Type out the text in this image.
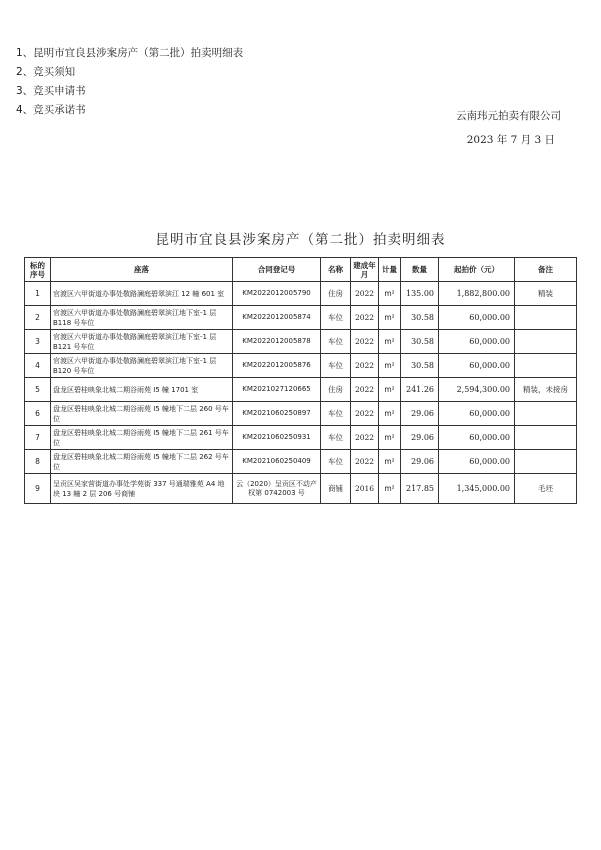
1、昆明市宜良县涉案房产（第二批）拍卖明细表
2、竞买须知
3、竞买申请书
4、竞买承诺书	云南玮元拍卖有限公司
2023 年 7 月 3 日
昆明市宜良县涉案房产（第二批）拍卖明细表
标的序号	座落	合同登记号	名称	建成年月	计量	数量	起拍价（元）	备注
1	官渡区六甲街道办事处敬路澜庭碧翠滨江 12 幢 601 室	KM2022012005790	住房	2022	m²	135.00	1,882,800.00	精装
2	官渡区六甲街道办事处敬路澜庭碧翠滨江地下室-1 层 B118 号车位	KM2022012005874	车位	2022	m²	30.58	60,000.00	
3	官渡区六甲街道办事处敬路澜庭碧翠滨江地下室-1 层 B121 号车位	KM2022012005878	车位	2022	m²	30.58	60,000.00	
4	官渡区六甲街道办事处敬路澜庭碧翠滨江地下室-1 层 B120 号车位	KM2022012005876	车位	2022	m²	30.58	60,000.00	
5	盘龙区碧桂映象北城二期谷雨苑 I5 幢 1701 室	KM2021027120665	住房	2022	m²	241.26	2,594,300.00	精装，未接房
6	盘龙区碧桂映象北城二期谷雨苑 I5 幢地下二层 260 号车位	KM2021060250897	车位	2022	m²	29.06	60,000.00	
7	盘龙区碧桂映象北城二期谷雨苑 I5 幢地下二层 261 号车位	KM2021060250931	车位	2022	m²	29.06	60,000.00	
8	盘龙区碧桂映象北城二期谷雨苑 I5 幢地下二层 262 号车位	KM2021060250409	车位	2022	m²	29.06	60,000.00	
9	呈贡区吴家营街道办事处学苑街 337 号通瑞雅苑 A4 地块 13 幢 2 层 206 号商铺	云（2020）呈贡区不动产权第 0742003 号	商铺	2016	m²	217.85	1,345,000.00	毛坯
